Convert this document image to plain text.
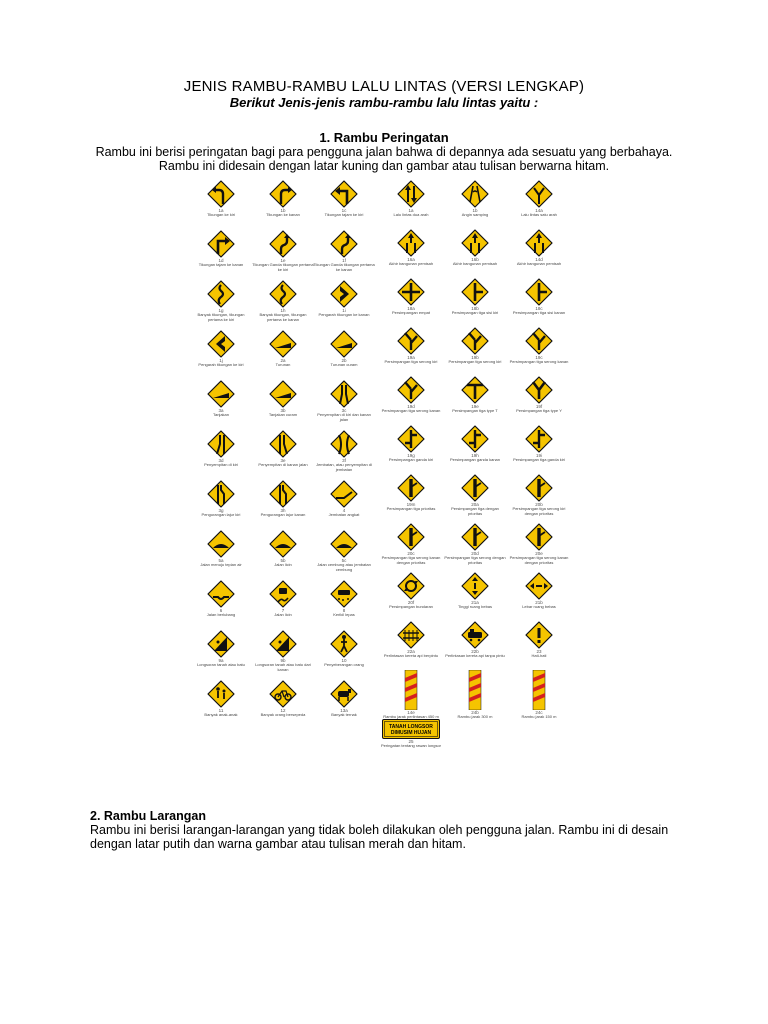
JENIS RAMBU-RAMBU LALU LINTAS (VERSI LENGKAP)
Berikut Jenis-jenis rambu-rambu lalu lintas yaitu :
1. Rambu Peringatan
Rambu ini berisi peringatan bagi para pengguna jalan bahwa di depannya ada sesuatu yang berbahaya.
Rambu ini didesain dengan latar kuning dan gambar atau tulisan berwarna hitam.
1a
Tikungan ke kiri
1b
Tikungan ke kanan
1c
Tikungan tajam ke kiri
1d
Tikungan tajam ke kanan
1e
Tikungan Ganda tikungan pertama ke kiri
1f
Tikungan Ganda tikungan pertama ke kanan
1g
Banyak tikungan, tikungan pertama ke kiri
1h
Banyak tikungan, tikungan pertama ke kanan
1i
Pengarah tikungan ke kanan
1j
Pengarah tikungan ke kiri
2a
Turunan
2b
Turunan curam
3a
Tanjakan
3b
Tanjakan curam
3c
Penyempitan di kiri dan kanan jalan
3d
Penyempitan di kiri
3e
Penyempitan di kanan jalan
3f
Jembatan, atau penyempitan di jembatan
3g
Pengurangan lajur kiri
3h
Pengurangan lajur kanan
4
Jembatan angkat
5a
Jalan menuju tepian air
5b
Jalan licin
5c
Jalan cembung atau jembatan cembung
6
Jalan berlubang
7
Jalan licin
8
Kerikil lepas
9a
Longsoran tanah atau batu
9b
Longsoran tanah atau batu dari kanan
10
Penyeberangan orang
11
Banyak anak-anak
12
Banyak orang bersepeda
13a
Banyak ternak
1a
Lalu lintas dua arah
1b
Angin samping
14a
Lalu lintas satu arah
16a
Akhir bangunan pemisah
16b
Akhir bangunan pemisah
14d
Akhir bangunan pemisah
18a
Persimpangan empat
18b
Persimpangan tiga sisi kiri
18c
Persimpangan tiga sisi kanan
19a
Persimpangan tiga serong kiri
19b
Persimpangan tiga serong kiri
19c
Persimpangan tiga serong kanan
19d
Persimpangan tiga serong kanan
19e
Persimpangan tiga type T
19f
Persimpangan tiga type Y
19g
Persimpangan ganda kiri
19h
Persimpangan ganda kanan
19i
Persimpangan tiga ganda kiri
19m
Persimpangan tiga prioritas
20a
Persimpangan tiga dengan prioritas
20b
Persimpangan tiga serong kiri dengan prioritas
20c
Persimpangan tiga serong kanan dengan prioritas
20d
Persimpangan tiga serong dengan prioritas
20e
Persimpangan tiga serong kanan dengan prioritas
20f
Persimpangan bundaran
21a
Tinggi ruang bebas
21b
Lebar ruang bebas
22a
Perlintasan kereta api berpintu
22b
Perlintasan kereta api tanpa pintu
23
Hati-hati
14e
Rambu jarak perlintasan 450 m
24b
Rambu jarak 300 m
24c
Rambu jarak 150 m
TANAH LONGSOR
DIMUSIM HUJAN
25
Peringatan tentang rawan longsor
2. Rambu Larangan
Rambu ini berisi larangan-larangan yang tidak boleh dilakukan oleh pengguna jalan. Rambu ini di desain
dengan latar putih dan warna gambar atau tulisan merah dan hitam.
